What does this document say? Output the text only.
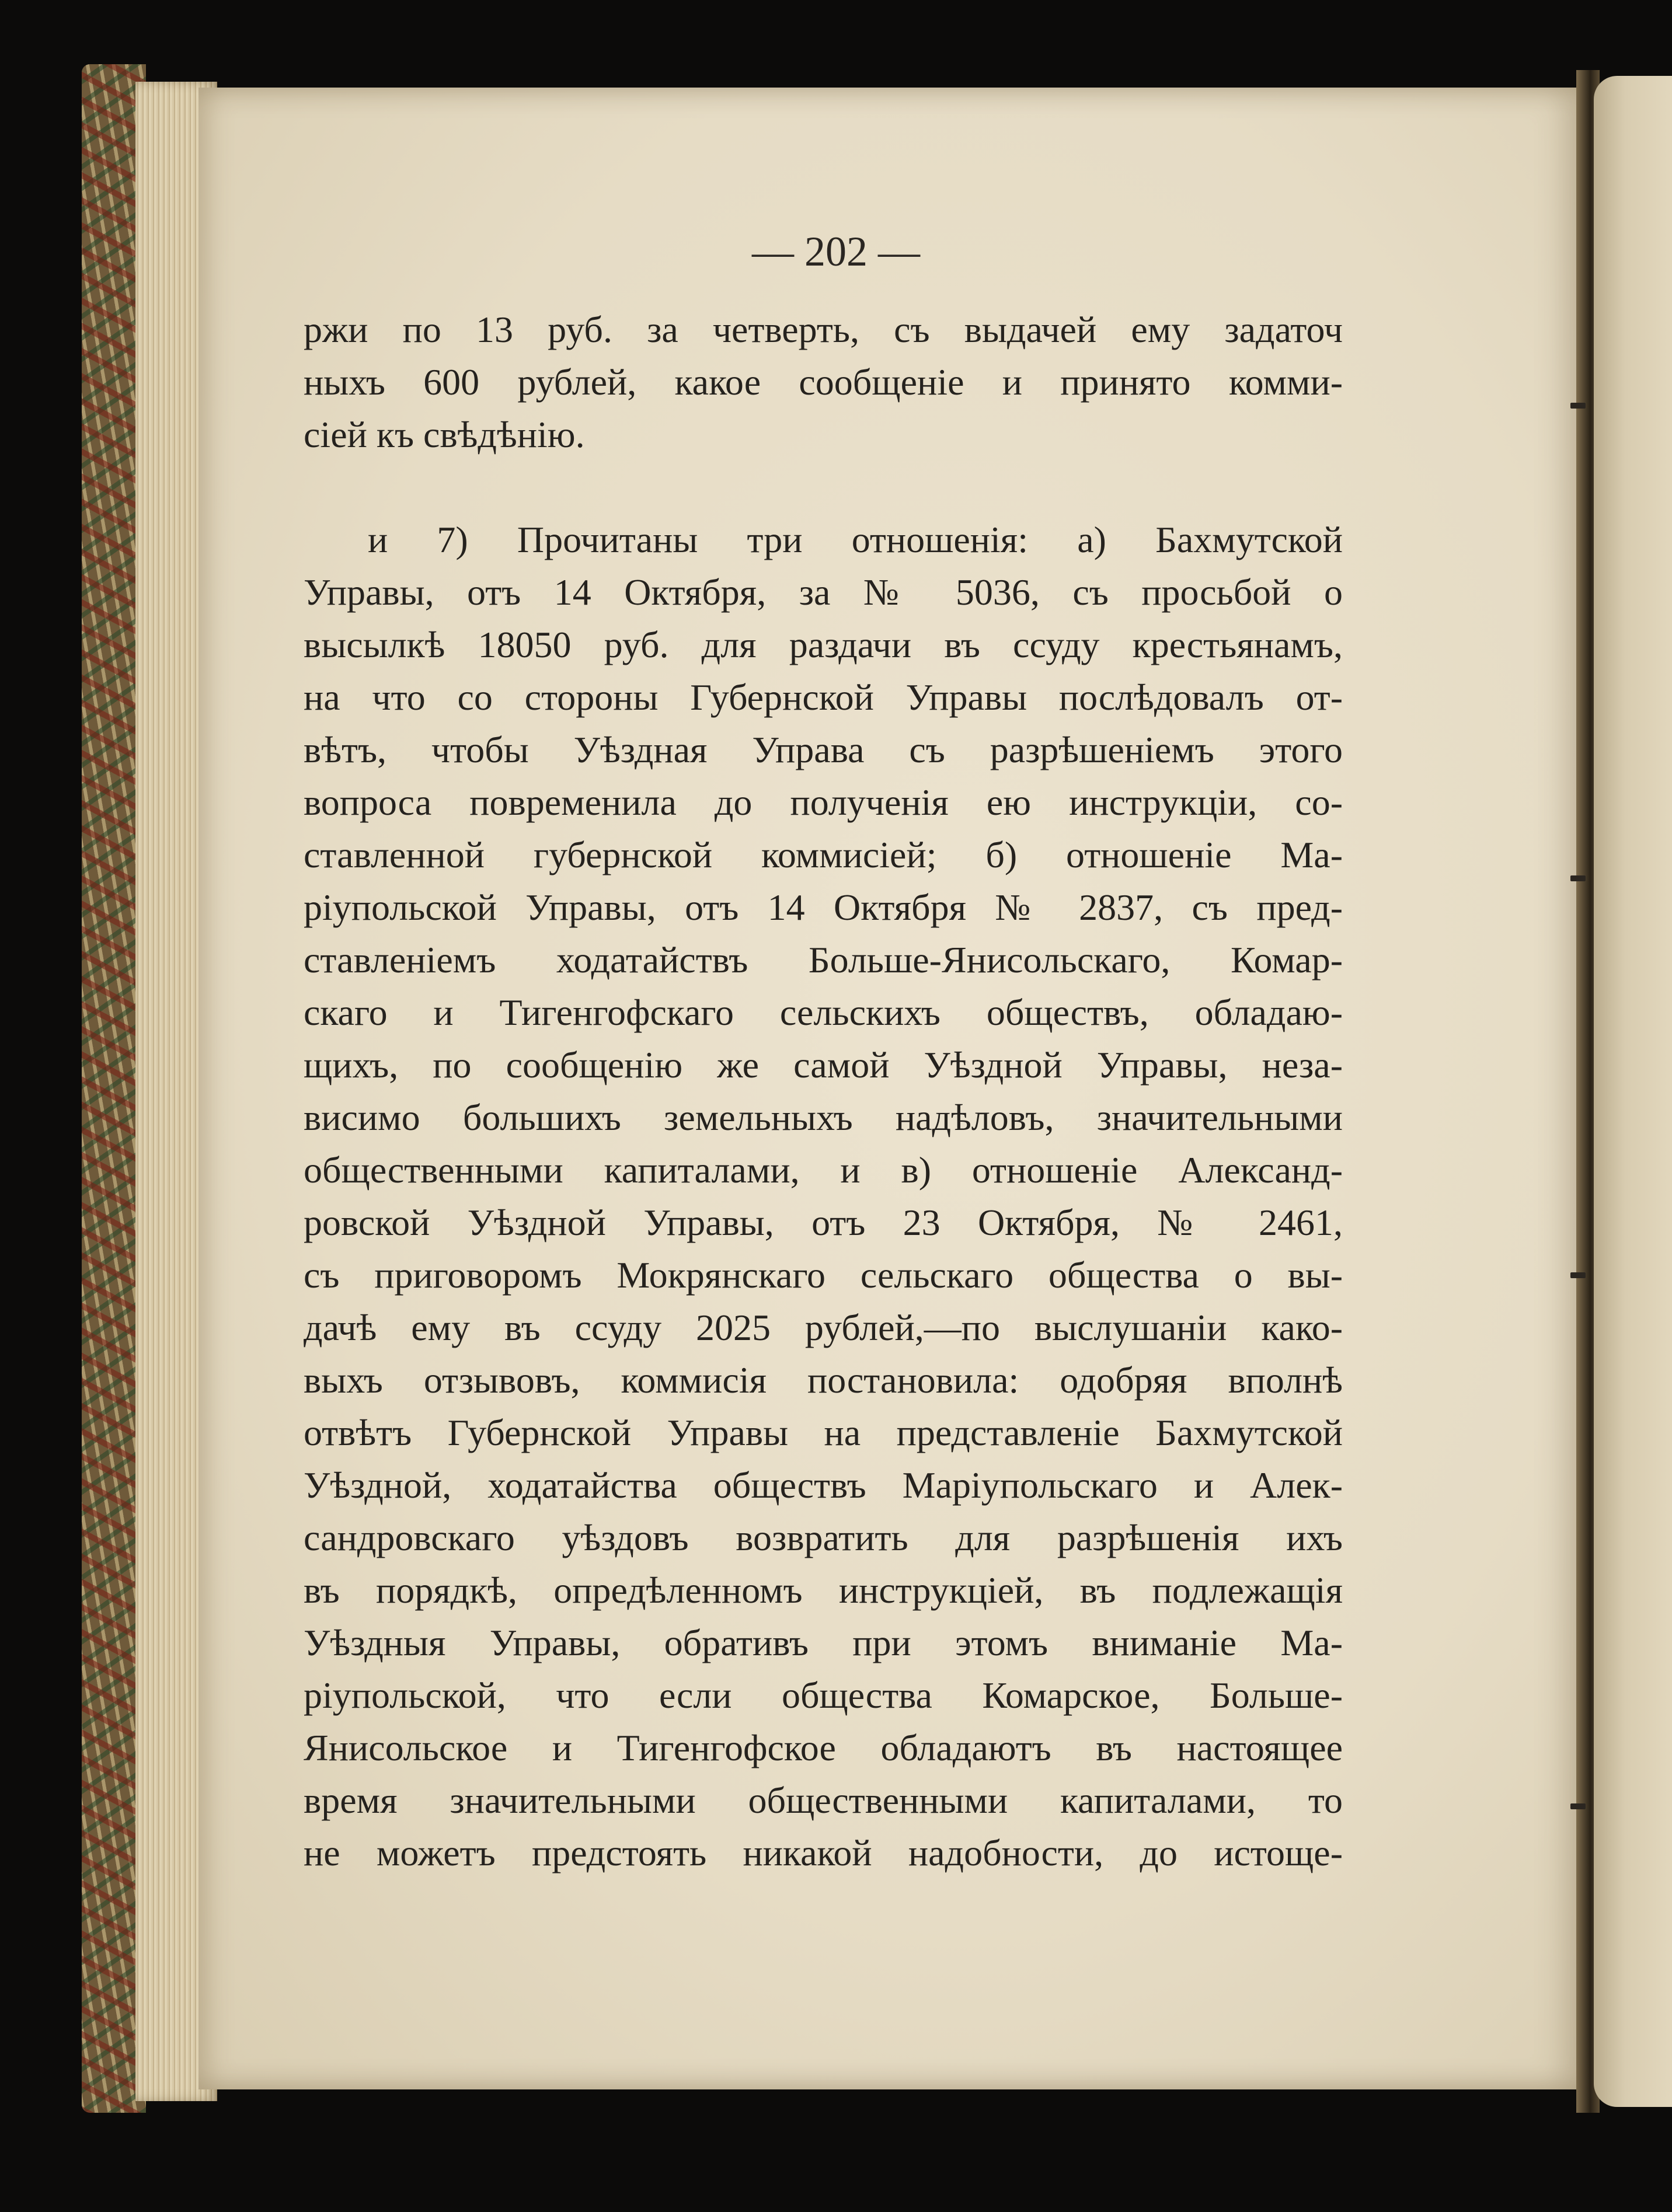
— 202 —
ржи по 13 руб. за четверть, съ выдачей ему задаточ
ныхъ 600 рублей, какое сообщенiе и принято комми-
сiей къ свѣдѣнiю.
и 7) Прочитаны три отношенiя: а) Бахмутской
Управы, отъ 14 Октября, за № 5036, съ просьбой о
высылкѣ 18050 руб. для раздачи въ ссуду крестьянамъ,
на что со стороны Губернской Управы послѣдовалъ от-
вѣтъ, чтобы Уѣздная Управа съ разрѣшенiемъ этого
вопроса повременила до полученiя ею инструкцiи, со-
ставленной губернской коммисiей; б) отношенiе Ма-
рiупольской Управы, отъ 14 Октября № 2837, съ пред-
ставленiемъ ходатайствъ Больше-Янисольскаго, Комар-
скаго и Тигенгофскаго сельскихъ обществъ, обладаю-
щихъ, по сообщенiю же самой Уѣздной Управы, неза-
висимо большихъ земельныхъ надѣловъ, значительными
общественными капиталами, и в) отношенiе Александ-
ровской Уѣздной Управы, отъ 23 Октября, № 2461,
съ приговоромъ Мокрянскаго сельскаго общества о вы-
дачѣ ему въ ссуду 2025 рублей,—по выслушанiи како-
выхъ отзывовъ, коммисiя постановила: одобряя вполнѣ
отвѣтъ Губернской Управы на представленiе Бахмутской
Уѣздной, ходатайства обществъ Марiупольскаго и Алек-
сандровскаго уѣздовъ возвратить для разрѣшенiя ихъ
въ порядкѣ, опредѣленномъ инструкцiей, въ подлежащiя
Уѣздныя Управы, обративъ при этомъ вниманiе Ма-
рiупольской, что если общества Комарское, Больше-
Янисольское и Тигенгофское обладаютъ въ настоящее
время значительными общественными капиталами, то
не можетъ предстоять никакой надобности, до истоще-
